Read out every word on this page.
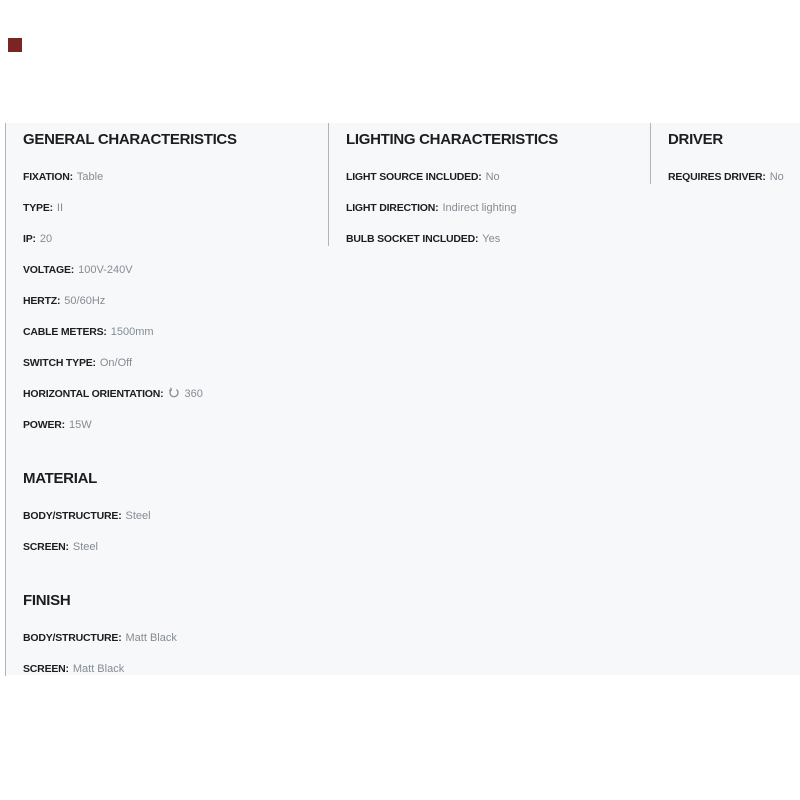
GENERAL CHARACTERISTICS
FIXATION: Table
TYPE: II
IP: 20
VOLTAGE: 100V-240V
HERTZ: 50/60Hz
CABLE METERS: 1500mm
SWITCH TYPE: On/Off
HORIZONTAL ORIENTATION: 360
POWER: 15W
MATERIAL
BODY/STRUCTURE: Steel
SCREEN: Steel
FINISH
BODY/STRUCTURE: Matt Black
SCREEN: Matt Black
LIGHTING CHARACTERISTICS
LIGHT SOURCE INCLUDED: No
LIGHT DIRECTION: Indirect lighting
BULB SOCKET INCLUDED: Yes
DRIVER
REQUIRES DRIVER: No
